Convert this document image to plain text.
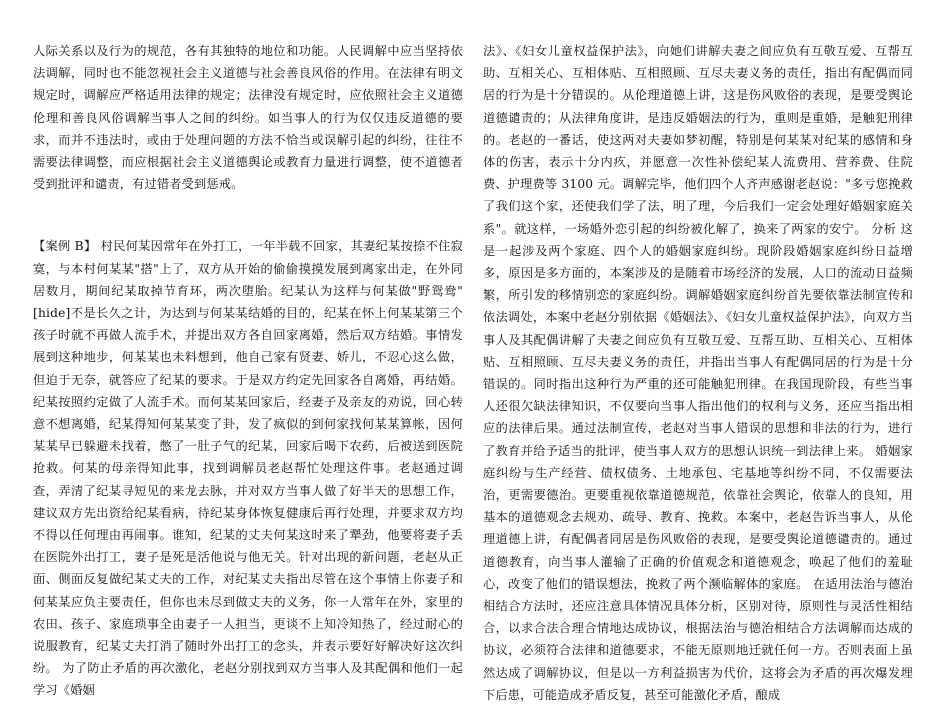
人际关系以及行为的规范，各有其独特的地位和功能。人民调解中应当坚持依法调解，同时也不能忽视社会主义道德与社会善良风俗的作用。在法律有明文规定时，调解应严格适用法律的规定；法律没有规定时，应依照社会主义道德伦理和善良风俗调解当事人之间的纠纷。如当事人的行为仅仅违反道德的要求，而并不违法时，或由于处理问题的方法不恰当或误解引起的纠纷，往往不需要法律调整，而应根据社会主义道德舆论或教育力量进行调整，使不道德者受到批评和谴责，有过错者受到惩戒。

【案例 B】 村民何某因常年在外打工，一年半载不回家，其妻纪某按捺不住寂寞，与本村何某某"搭"上了，双方从开始的偷偷摸摸发展到离家出走，在外同居数月，期间纪某取掉节育环，两次堕胎。纪某认为这样与何某做"野鸳鸯"[hide]不是长久之计，为达到与何某某结婚的目的，纪某在怀上何某某第三个孩子时就不再做人流手术，并提出双方各自回家离婚，然后双方结婚。事情发展到这种地步，何某某也未料想到，他自己家有贤妻、娇儿，不忍心这么做，但迫于无奈，就答应了纪某的要求。于是双方约定先回家各自离婚，再结婚。纪某按照约定做了人流手术。而何某某回家后，经妻子及亲友的劝说，回心转意不想离婚，纪某得知何某某变了卦，发了疯似的到何家找何某某算帐，因何某某早已躲避未找着，憋了一肚子气的纪某，回家后喝下农药，后被送到医院抢救。何某的母亲得知此事，找到调解员老赵帮忙处理这件事。老赵通过调查，弄清了纪某寻短见的来龙去脉，并对双方当事人做了好半天的思想工作，建议双方先出资给纪某看病，待纪某身体恢复健康后再行处理，并要求双方均不得以任何理由再闹事。谁知，纪某的丈夫何某这时来了犟劲，他要将妻子丢在医院外出打工，妻子是死是活他说与他无关。针对出现的新问题，老赵从正面、侧面反复做纪某丈夫的工作，对纪某丈夫指出尽管在这个事情上你妻子和何某某应负主要责任，但你也未尽到做丈夫的义务，你一人常年在外，家里的农田、孩子、家庭琐事全由妻子一人担当，更谈不上知冷知热了，经过耐心的说服教育，纪某丈夫打消了随时外出打工的念头，并表示要好好解决好这次纠纷。 为了防止矛盾的再次激化，老赵分别找到双方当事人及其配偶和他们一起学习《婚姻

法》、《妇女儿童权益保护法》，向她们讲解夫妻之间应负有互敬互爱、互帮互助、互相关心、互相体贴、互相照顾、互尽夫妻义务的责任，指出有配偶而同居的行为是十分错误的。从伦理道德上讲，这是伤风败俗的表现，是要受舆论道德谴责的；从法律角度讲，是违反婚姻法的行为，重则是重婚，是触犯刑律的。老赵的一番话，使这两对夫妻如梦初醒，特别是何某某对纪某的感情和身体的伤害，表示十分内疚，并愿意一次性补偿纪某人流费用、营养费、住院费、护理费等 3100 元。调解完毕，他们四个人齐声感谢老赵说："多亏您挽救了我们这个家，还使我们学了法，明了理，今后我们一定会处理好婚姻家庭关系"。就这样，一场婚外恋引起的纠纷被化解了，换来了两家的安宁。 分析 这是一起涉及两个家庭、四个人的婚姻家庭纠纷。现阶段婚姻家庭纠纷日益增多，原因是多方面的，本案涉及的是随着市场经济的发展，人口的流动日益频繁，所引发的移情别恋的家庭纠纷。调解婚姻家庭纠纷首先要依靠法制宣传和依法调处，本案中老赵分别依据《婚姻法》、《妇女儿童权益保护法》，向双方当事人及其配偶讲解了夫妻之间应负有互敬互爱、互帮互助、互相关心、互相体贴、互相照顾、互尽夫妻义务的责任，并指出当事人有配偶同居的行为是十分错误的。同时指出这种行为严重的还可能触犯刑律。在我国现阶段，有些当事人还很欠缺法律知识，不仅要向当事人指出他们的权利与义务，还应当指出相应的法律后果。通过法制宣传，老赵对当事人错误的思想和非法的行为，进行了教育并给予适当的批评，使当事人双方的思想认识统一到法律上来。 婚姻家庭纠纷与生产经营、债权债务、土地承包、宅基地等纠纷不同，不仅需要法治，更需要德治。更要重视依靠道德规范，依靠社会舆论，依靠人的良知，用基本的道德观念去规劝、疏导、教育、挽救。本案中，老赵告诉当事人，从伦理道德上讲，有配偶者同居是伤风败俗的表现，是要受舆论道德谴责的。通过道德教育，向当事人灌输了正确的价值观念和道德观念，唤起了他们的羞耻心，改变了他们的错误想法，挽救了两个濒临解体的家庭。 在适用法治与德治相结合方法时，还应注意具体情况具体分析，区别对待，原则性与灵活性相结合，以求合法合理合情地达成协议，根据法治与德治相结合方法调解而达成的协议，必须符合法律和道德要求，不能无原则地迁就任何一方。否则表面上虽然达成了调解协议，但是以一方利益损害为代价，这将会为矛盾的再次爆发埋下后患，可能造成矛盾反复，甚至可能激化矛盾，酿成
